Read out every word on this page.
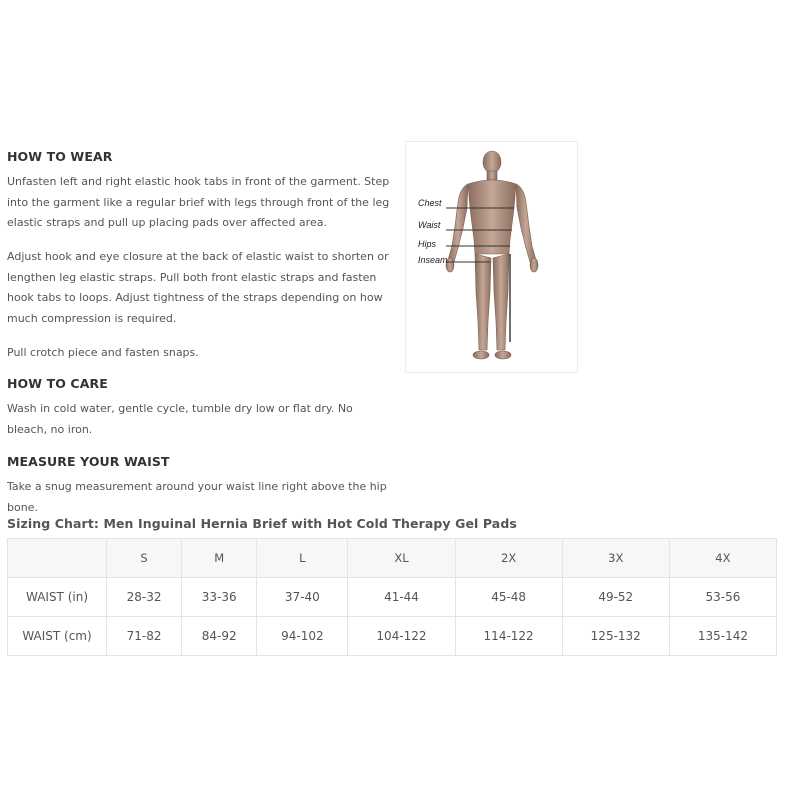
HOW TO WEAR

Unfasten left and right elastic hook tabs in front of the garment. Step into the garment like a regular brief with legs through front of the leg elastic straps and pull up placing pads over affected area.

Adjust hook and eye closure at the back of elastic waist to shorten or lengthen leg elastic straps. Pull both front elastic straps and fasten hook tabs to loops. Adjust tightness of the straps depending on how much compression is required.

Pull crotch piece and fasten snaps.

HOW TO CARE

Wash in cold water, gentle cycle, tumble dry low or flat dry. No bleach, no iron.

MEASURE YOUR WAIST

Take a snug measurement around your waist line right above the hip bone.

Chest
Waist
Hips
Inseam
Sizing Chart: Men Inguinal Hernia Brief with Hot Cold Therapy Gel Pads
	S	M	L	XL	2X	3X	4X
WAIST (in)	28-32	33-36	37-40	41-44	45-48	49-52	53-56
WAIST (cm)	71-82	84-92	94-102	104-122	114-122	125-132	135-142
